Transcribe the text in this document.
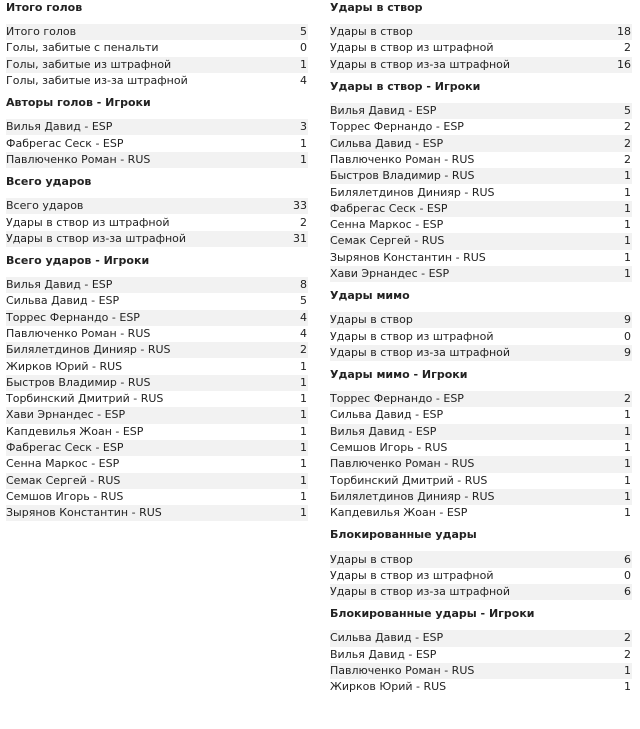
Итого голов
Итого голов	5
Голы, забитые с пенальти	0
Голы, забитые из штрафной	1
Голы, забитые из-за штрафной	4
Авторы голов - Игроки
Вилья Давид - ESP	3
Фабрегас Сеск - ESP	1
Павлюченко Роман - RUS	1
Всего ударов
Всего ударов	33
Удары в створ из штрафной	2
Удары в створ из-за штрафной	31
Всего ударов - Игроки
Вилья Давид - ESP	8
Сильва Давид - ESP	5
Торрес Фернандо - ESP	4
Павлюченко Роман - RUS	4
Билялетдинов Динияр - RUS	2
Жирков Юрий - RUS	1
Быстров Владимир - RUS	1
Торбинский Дмитрий - RUS	1
Хави Эрнандес - ESP	1
Капдевилья Жоан - ESP	1
Фабрегас Сеск - ESP	1
Сенна Маркос - ESP	1
Семак Сергей - RUS	1
Семшов Игорь - RUS	1
Зырянов Константин - RUS	1
Удары в створ
Удары в створ	18
Удары в створ из штрафной	2
Удары в створ из-за штрафной	16
Удары в створ - Игроки
Вилья Давид - ESP	5
Торрес Фернандо - ESP	2
Сильва Давид - ESP	2
Павлюченко Роман - RUS	2
Быстров Владимир - RUS	1
Билялетдинов Динияр - RUS	1
Фабрегас Сеск - ESP	1
Сенна Маркос - ESP	1
Семак Сергей - RUS	1
Зырянов Константин - RUS	1
Хави Эрнандес - ESP	1
Удары мимо
Удары в створ	9
Удары в створ из штрафной	0
Удары в створ из-за штрафной	9
Удары мимо - Игроки
Торрес Фернандо - ESP	2
Сильва Давид - ESP	1
Вилья Давид - ESP	1
Семшов Игорь - RUS	1
Павлюченко Роман - RUS	1
Торбинский Дмитрий - RUS	1
Билялетдинов Динияр - RUS	1
Капдевилья Жоан - ESP	1
Блокированные удары
Удары в створ	6
Удары в створ из штрафной	0
Удары в створ из-за штрафной	6
Блокированные удары - Игроки
Сильва Давид - ESP	2
Вилья Давид - ESP	2
Павлюченко Роман - RUS	1
Жирков Юрий - RUS	1
